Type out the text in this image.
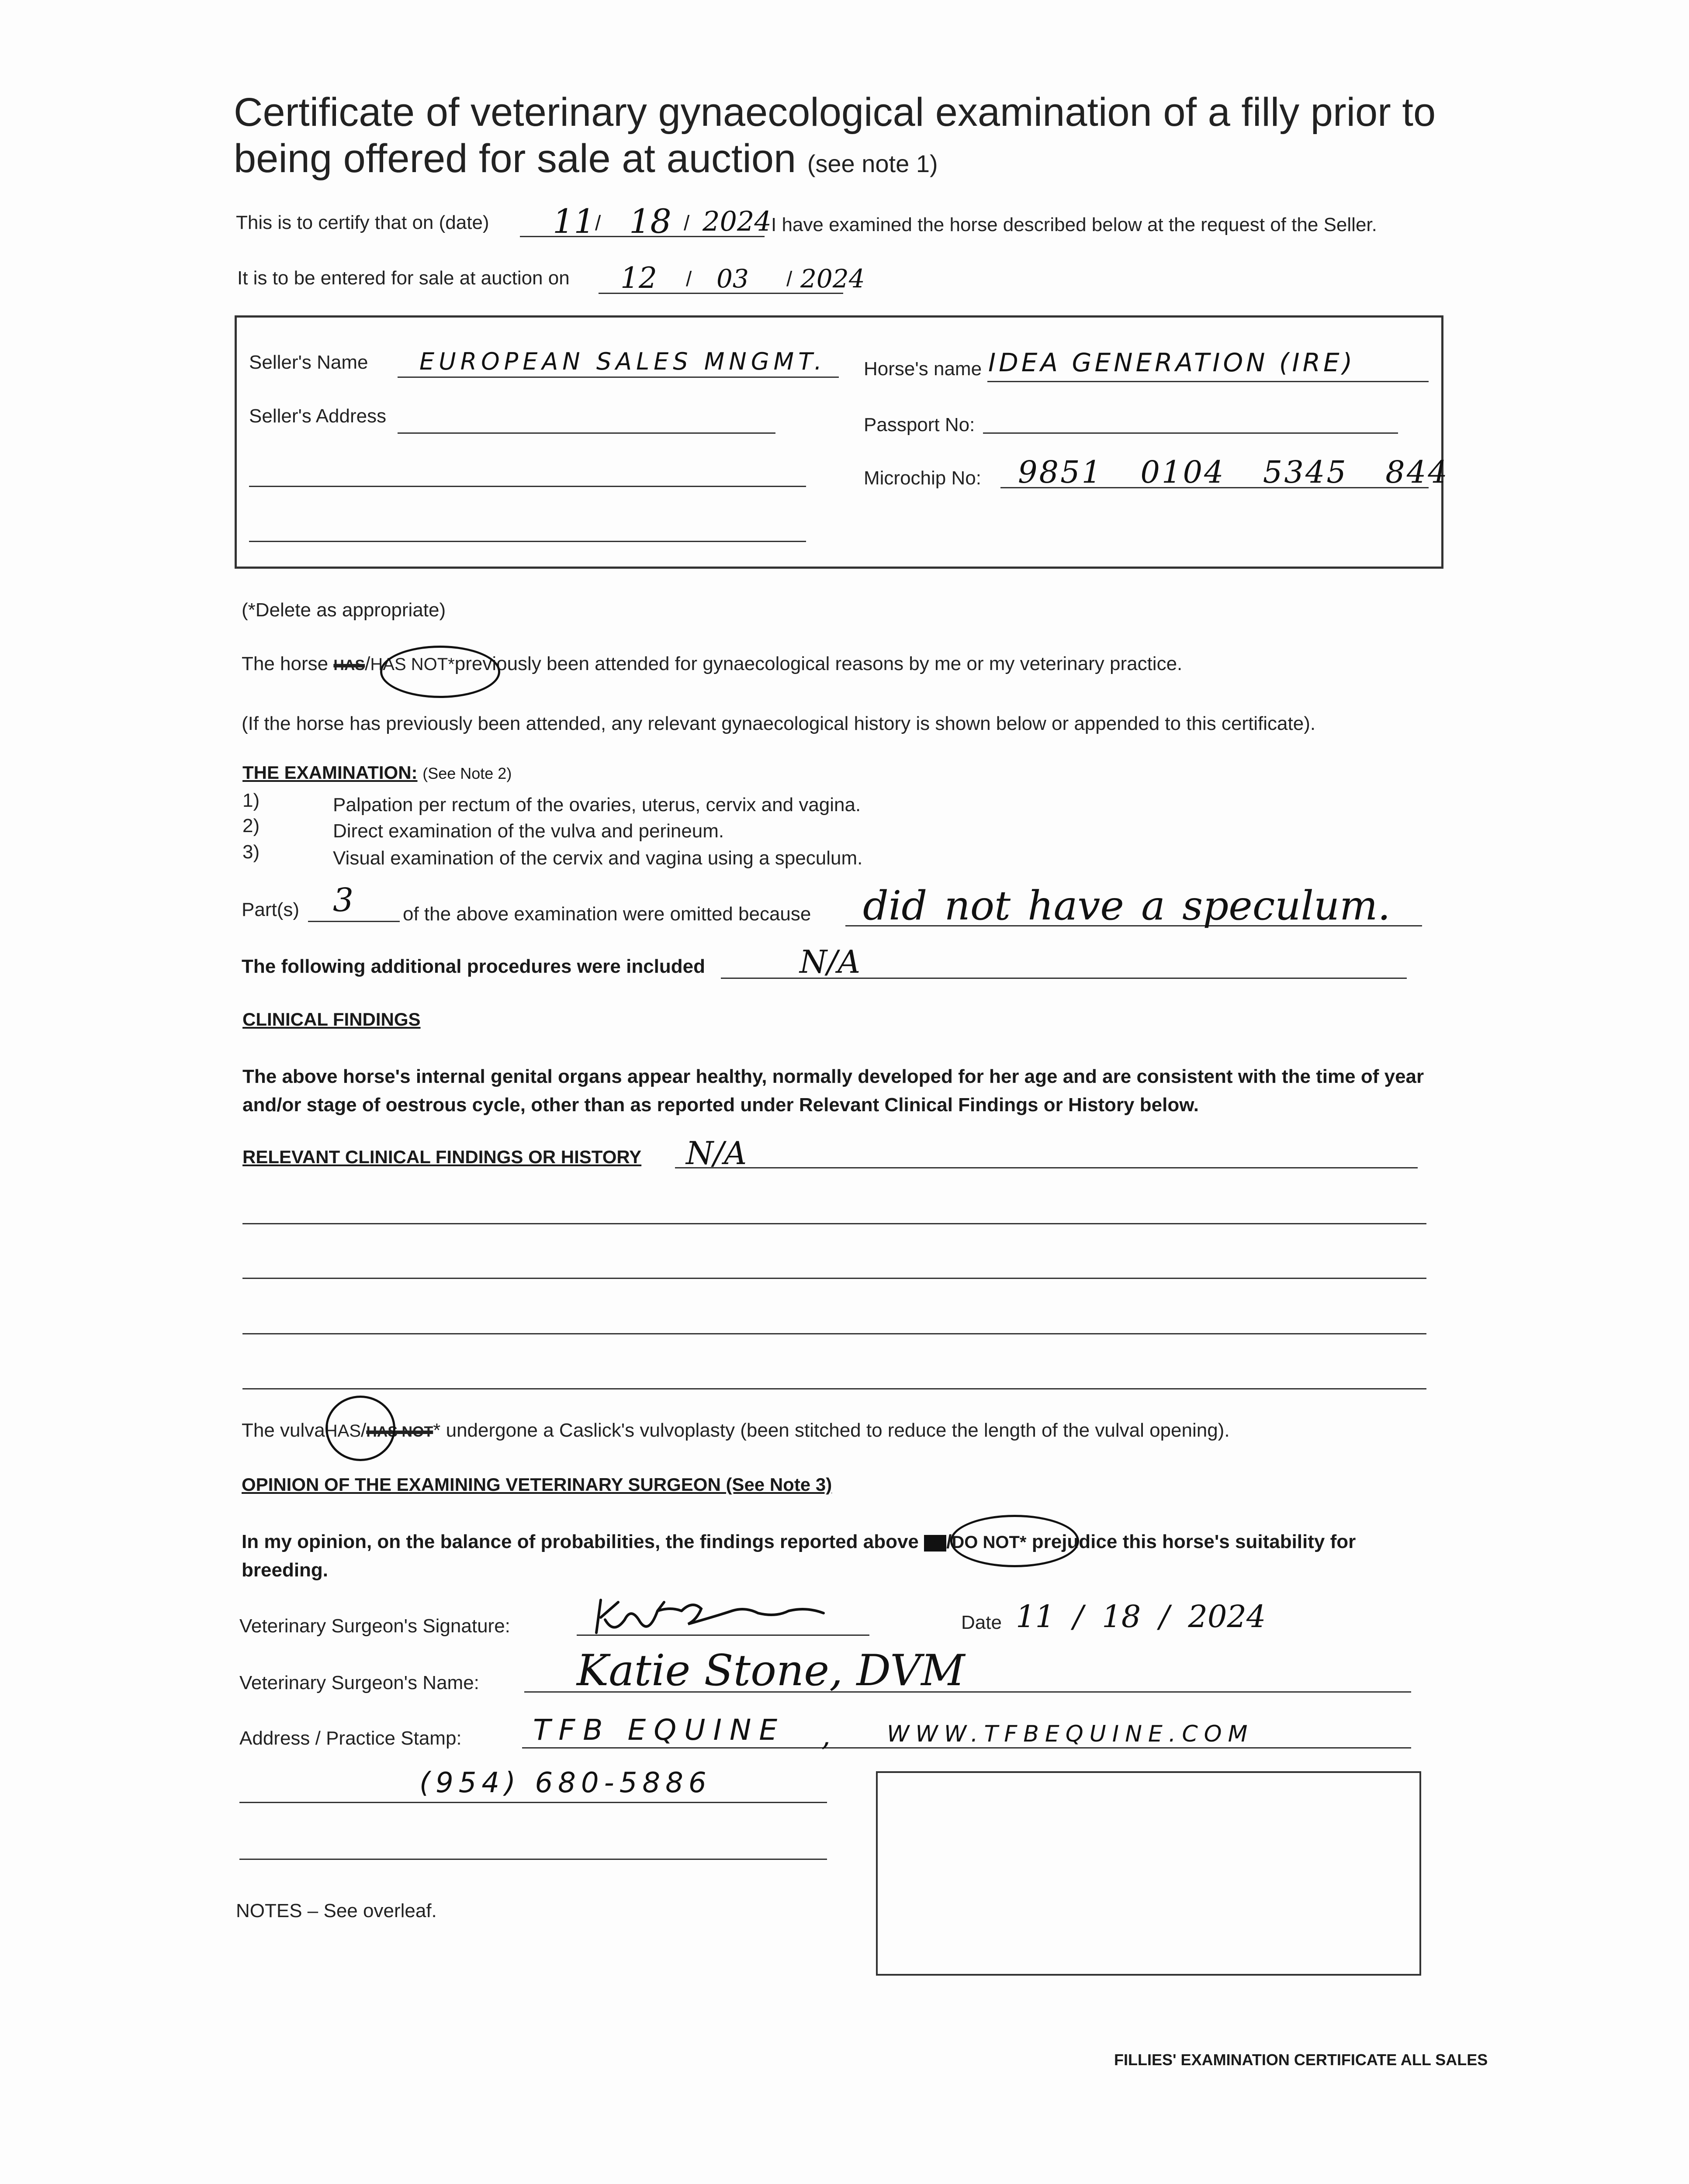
Certificate of veterinary gynaecological examination of a filly prior to
being offered for sale at auction (see note 1)
This is to certify that on (date) 11 / 18 / 2024 I have examined the horse described below at the request of the Seller.
It is to be entered for sale at auction on 12 / 03 / 2024
Seller's Name EUROPEAN SALES MNGMT.
Seller's Address
Horse's name IDEA GENERATION (IRE)
Passport No:
Microchip No: 9851 0104 5345 844
(*Delete as appropriate)
The horse HAS/HAS NOT*previously been attended for gynaecological reasons by me or my veterinary practice.
(If the horse has previously been attended, any relevant gynaecological history is shown below or appended to this certificate).
THE EXAMINATION: (See Note 2)
1)	Palpation per rectum of the ovaries, uterus, cervix and vagina.
2)	Direct examination of the vulva and perineum.
3)	Visual examination of the cervix and vagina using a speculum.
Part(s) 3	of the above examination were omitted because did not have a speculum.
The following additional procedures were included	N/A
CLINICAL FINDINGS
The above horse's internal genital organs appear healthy, normally developed for her age and are consistent with the time of year
and/or stage of oestrous cycle, other than as reported under Relevant Clinical Findings or History below.
RELEVANT CLINICAL FINDINGS OR HISTORY N/A
The vulvaHAS/HAS NOT* undergone a Caslick's vulvoplasty (been stitched to reduce the length of the vulval opening).
OPINION OF THE EXAMINING VETERINARY SURGEON (See Note 3)
In my opinion, on the balance of probabilities, the findings reported above DO/DO NOT* prejudice this horse's suitability for
breeding.
Veterinary Surgeon's Signature:	Date 11 / 18 / 2024
Veterinary Surgeon's Name: Katie Stone, DVM
Address / Practice Stamp: TFB EQUINE , WWW.TFBEQUINE.COM
(954) 680-5886
NOTES – See overleaf.
FILLIES' EXAMINATION CERTIFICATE ALL SALES
